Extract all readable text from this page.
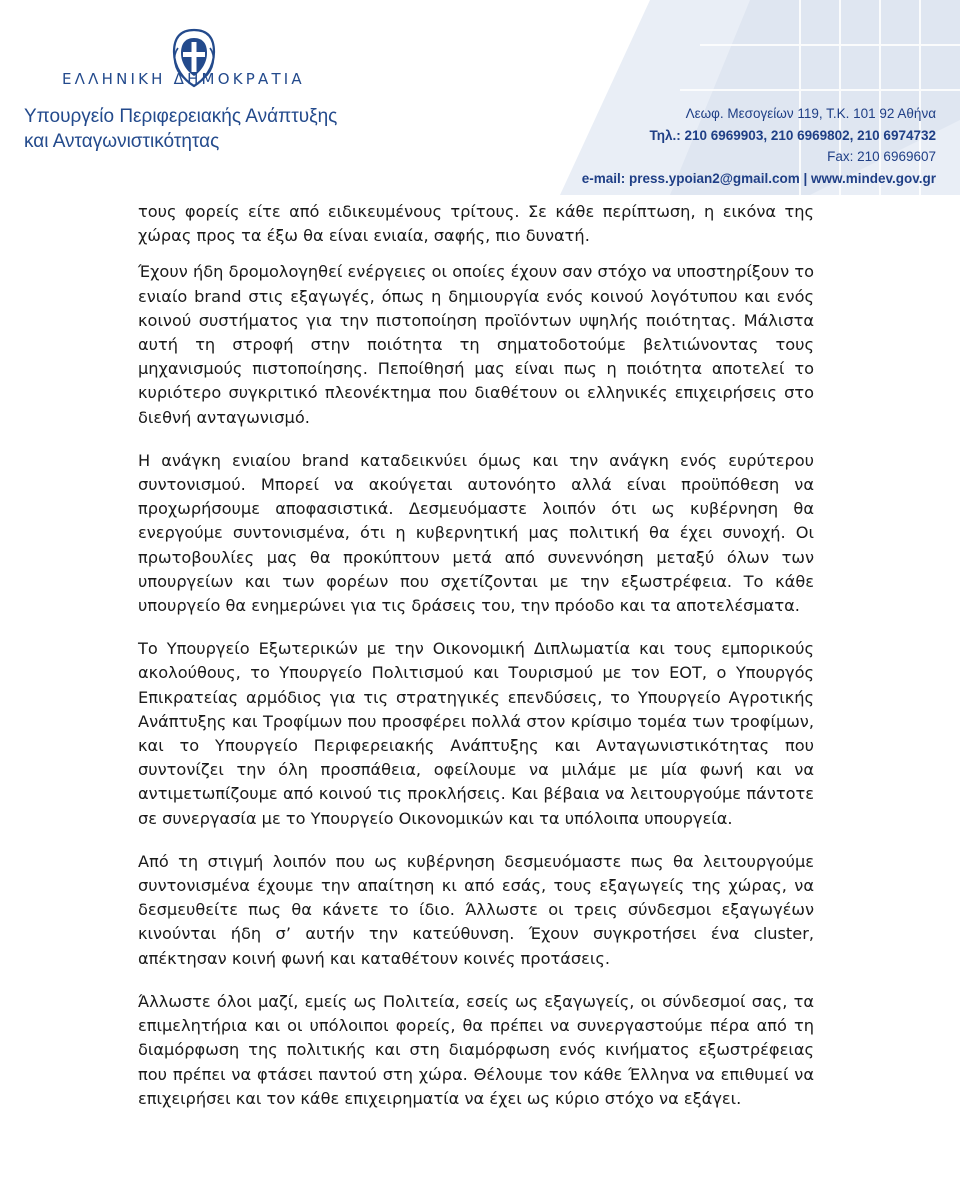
ΕΛΛΗΝΙΚΗ ΔΗΜΟΚΡΑΤΙΑ
Υπουργείο Περιφερειακής Ανάπτυξης
και Ανταγωνιστικότητας
Λεωφ. Μεσογείων 119, Τ.Κ. 101 92 Αθήνα
Τηλ.: 210 6969903, 210 6969802, 210 6974732
Fax: 210 6969607
e-mail: press.ypoian2@gmail.com | www.mindev.gov.gr

τους φορείς είτε από ειδικευμένους τρίτους. Σε κάθε περίπτωση, η εικόνα της χώρας προς τα έξω θα είναι ενιαία, σαφής, πιο δυνατή.

Έχουν ήδη δρομολογηθεί ενέργειες οι οποίες έχουν σαν στόχο να υποστηρίξουν το ενιαίο brand στις εξαγωγές, όπως η δημιουργία ενός κοινού λογότυπου και ενός κοινού συστήματος για την πιστοποίηση προϊόντων υψηλής ποιότητας. Μάλιστα αυτή τη στροφή στην ποιότητα τη σηματοδοτούμε βελτιώνοντας τους μηχανισμούς πιστοποίησης. Πεποίθησή μας είναι πως η ποιότητα αποτελεί το κυριότερο συγκριτικό πλεονέκτημα που διαθέτουν οι ελληνικές επιχειρήσεις στο διεθνή ανταγωνισμό.

Η ανάγκη ενιαίου brand καταδεικνύει όμως και την ανάγκη ενός ευρύτερου συντονισμού. Μπορεί να ακούγεται αυτονόητο αλλά είναι προϋπόθεση να προχωρήσουμε αποφασιστικά. Δεσμευόμαστε λοιπόν ότι ως κυβέρνηση θα ενεργούμε συντονισμένα, ότι η κυβερνητική μας πολιτική θα έχει συνοχή. Οι πρωτοβουλίες μας θα προκύπτουν μετά από συνεννόηση μεταξύ όλων των υπουργείων και των φορέων που σχετίζονται με την εξωστρέφεια. Το κάθε υπουργείο θα ενημερώνει για τις δράσεις του, την πρόοδο και τα αποτελέσματα.

Το Υπουργείο Εξωτερικών με την Οικονομική Διπλωματία και τους εμπορικούς ακολούθους, το Υπουργείο Πολιτισμού και Τουρισμού με τον ΕΟΤ, ο Υπουργός Επικρατείας αρμόδιος για τις στρατηγικές επενδύσεις, το Υπουργείο Αγροτικής Ανάπτυξης και Τροφίμων που προσφέρει πολλά στον κρίσιμο τομέα των τροφίμων, και το Υπουργείο Περιφερειακής Ανάπτυξης και Ανταγωνιστικότητας που συντονίζει την όλη προσπάθεια, οφείλουμε να μιλάμε με μία φωνή και να αντιμετωπίζουμε από κοινού τις προκλήσεις. Και βέβαια να λειτουργούμε πάντοτε σε συνεργασία με το Υπουργείο Οικονομικών και τα υπόλοιπα υπουργεία.

Από τη στιγμή λοιπόν που ως κυβέρνηση δεσμευόμαστε πως θα λειτουργούμε συντονισμένα έχουμε την απαίτηση κι από εσάς, τους εξαγωγείς της χώρας, να δεσμευθείτε πως θα κάνετε το ίδιο. Άλλωστε οι τρεις σύνδεσμοι εξαγωγέων κινούνται ήδη σ’ αυτήν την κατεύθυνση. Έχουν συγκροτήσει ένα cluster, απέκτησαν κοινή φωνή και καταθέτουν κοινές προτάσεις.

Άλλωστε όλοι μαζί, εμείς ως Πολιτεία, εσείς ως εξαγωγείς, οι σύνδεσμοί σας, τα επιμελητήρια και οι υπόλοιποι φορείς, θα πρέπει να συνεργαστούμε πέρα από τη διαμόρφωση της πολιτικής και στη διαμόρφωση ενός κινήματος εξωστρέφειας που πρέπει να φτάσει παντού στη χώρα. Θέλουμε τον κάθε Έλληνα να επιθυμεί να επιχειρήσει και τον κάθε επιχειρηματία να έχει ως κύριο στόχο να εξάγει.
